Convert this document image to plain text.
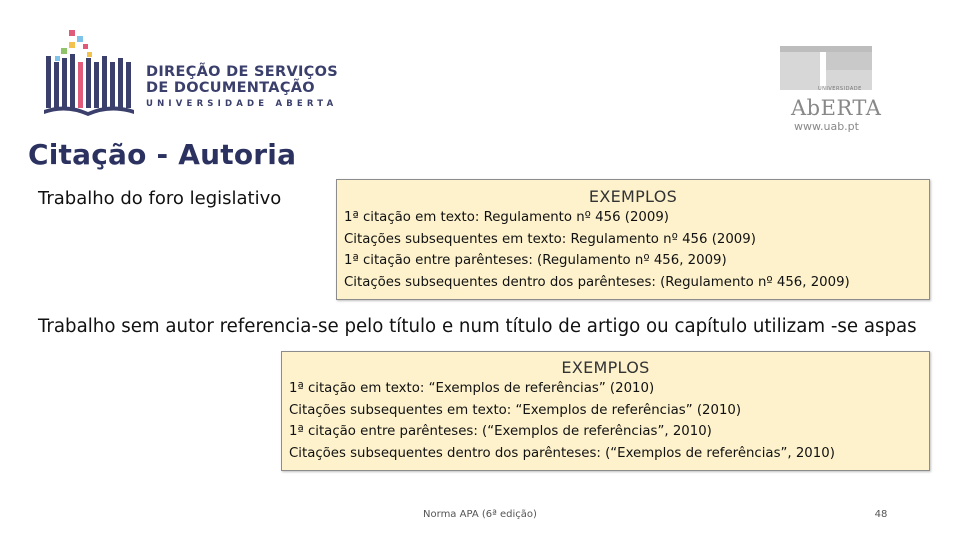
DIREÇÃO DE SERVIÇOS
DE DOCUMENTAÇÃO
UNIVERSIDADE ABERTA
UNIVERSIDADE
AbERTA
www.uab.pt
Citação - Autoria
Trabalho do foro legislativo	EXEMPLOS
1ª citação em texto: Regulamento nº 456 (2009)
Citações subsequentes em texto: Regulamento nº 456 (2009)
1ª citação entre parênteses: (Regulamento nº 456, 2009)
Citações subsequentes dentro dos parênteses: (Regulamento nº 456, 2009)
Trabalho sem autor referencia-se pelo título e num título de artigo ou capítulo utilizam -se aspas
EXEMPLOS
1ª citação em texto: “Exemplos de referências” (2010)
Citações subsequentes em texto: “Exemplos de referências” (2010)
1ª citação entre parênteses: (“Exemplos de referências”, 2010)
Citações subsequentes dentro dos parênteses: (“Exemplos de referências”, 2010)
Norma APA (6ª edição)	48
